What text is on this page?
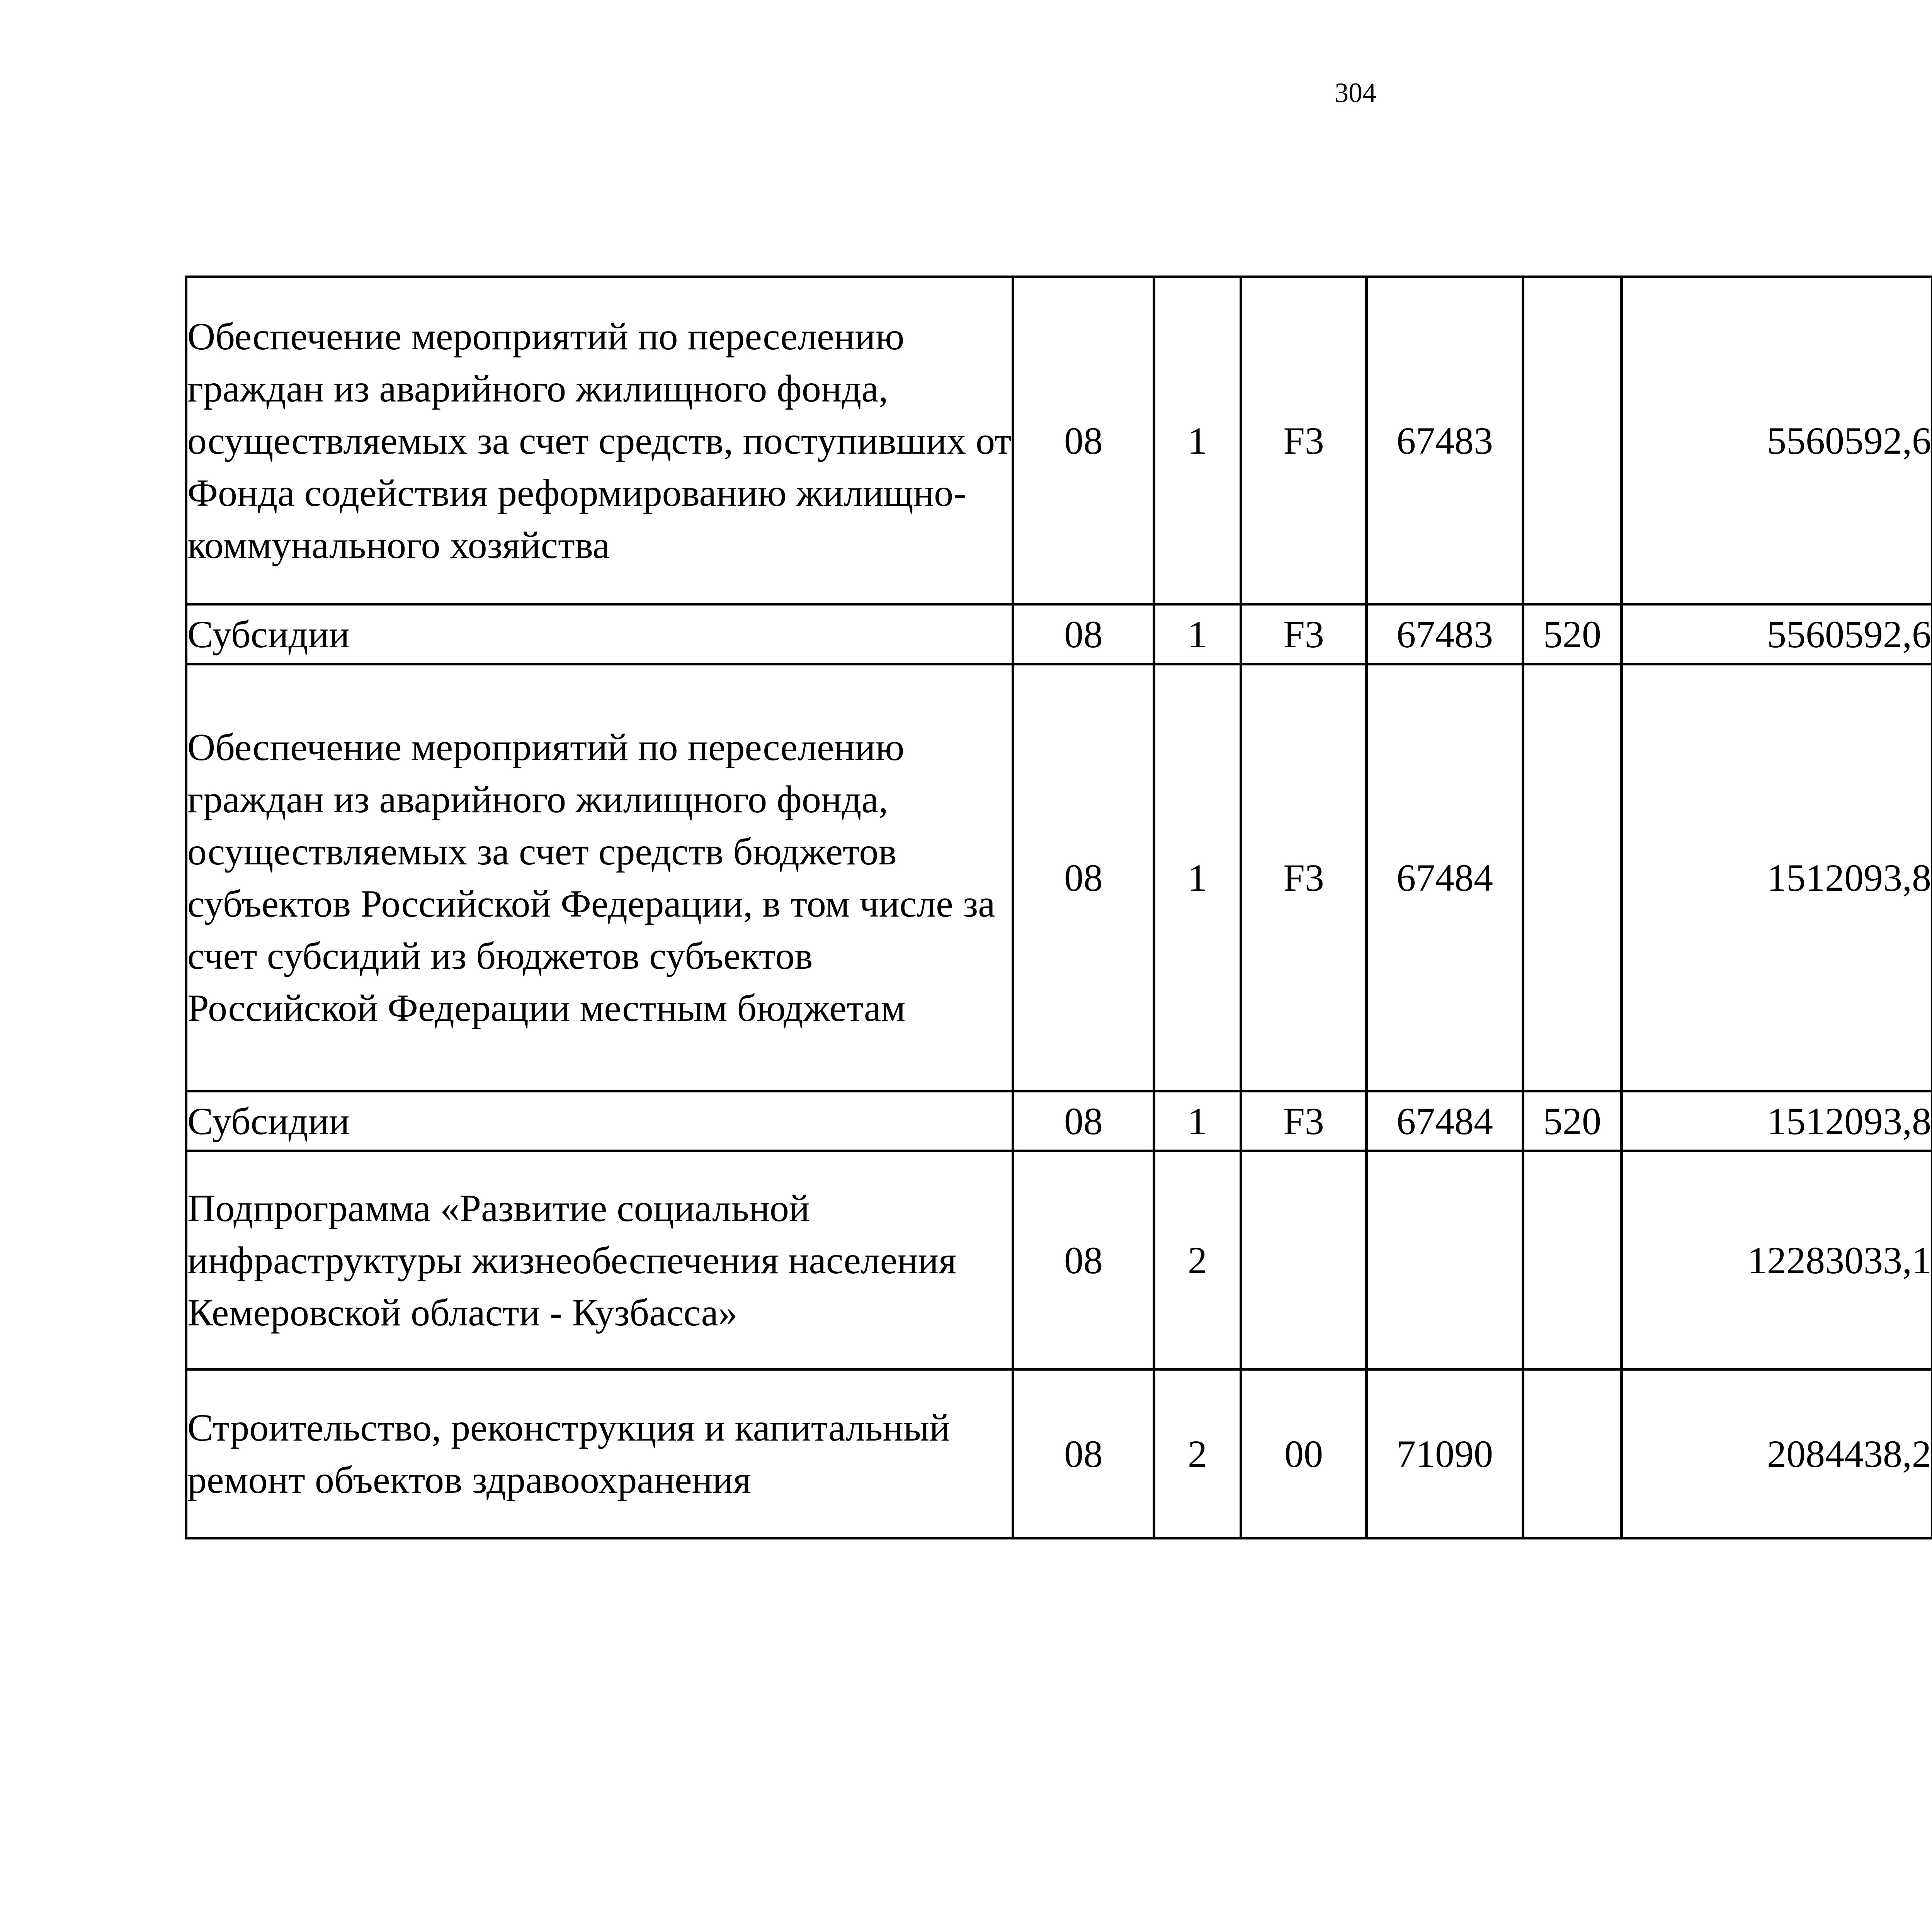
304
Обеспечение мероприятий по переселению граждан из аварийного жилищного фонда, осуществляемых за счет средств, поступивших от Фонда содействия реформированию жилищно-коммунального хозяйства	08	1	F3	67483		5560592,6		
Субсидии	08	1	F3	67483	520	5560592,6		
Обеспечение мероприятий по переселению граждан из аварийного жилищного фонда, осуществляемых за счет средств бюджетов субъектов Российской Федерации, в том числе за счет субсидий из бюджетов субъектов Российской Федерации местным бюджетам	08	1	F3	67484		1512093,8		
Субсидии	08	1	F3	67484	520	1512093,8		
Подпрограмма «Развитие социальной инфраструктуры жизнеобеспечения населения Кемеровской области - Кузбасса»	08	2				12283033,1		
Строительство, реконструкция и капитальный ремонт объектов здравоохранения	08	2	00	71090		2084438,2		
